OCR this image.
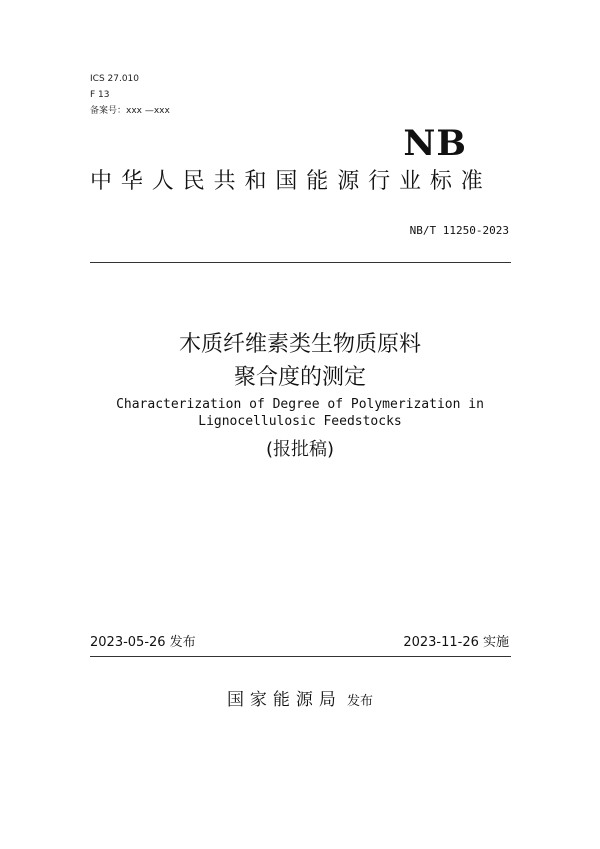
ICS 27.010
F 13
备案号：xxx —xxx
NB
中华人民共和国能源行业标准
NB/T 11250-2023
木质纤维素类生物质原料
聚合度的测定
Characterization of Degree of Polymerization in
Lignocellulosic Feedstocks
(报批稿)
2023-05-26 发布	2023-11-26 实施
国家能源局 发布
